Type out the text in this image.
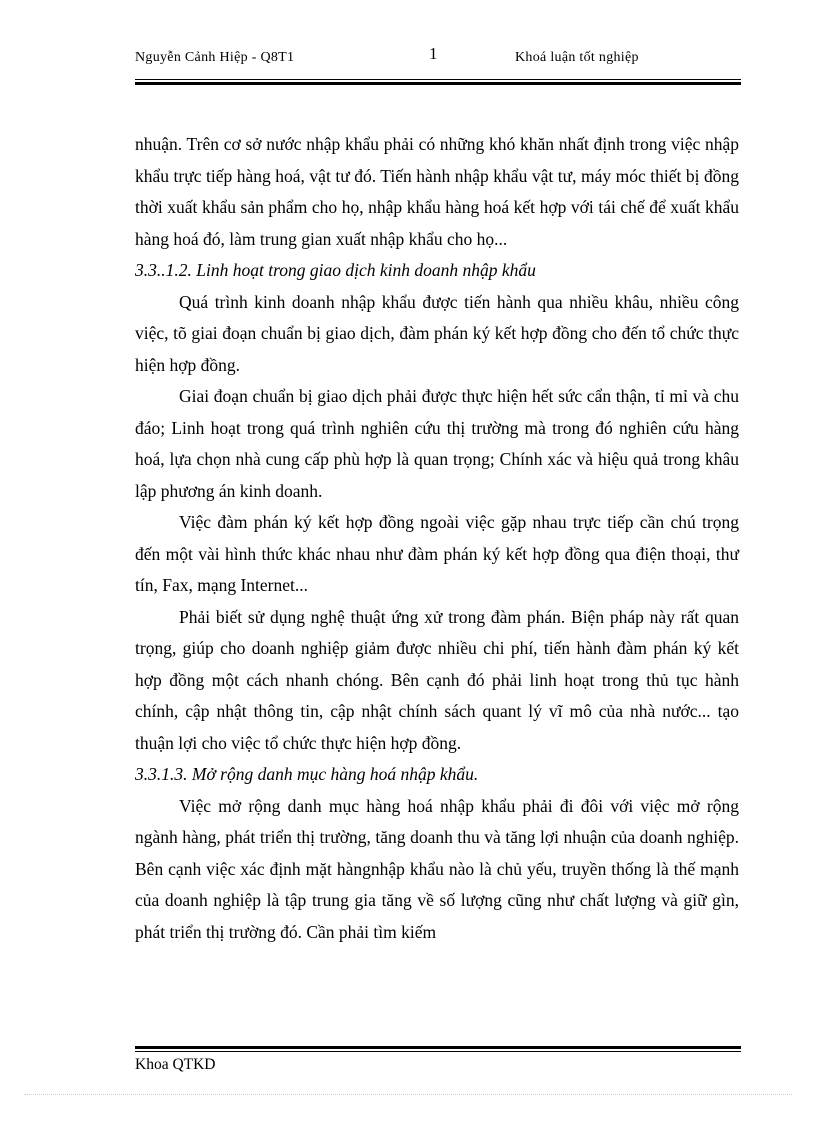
Nguyễn Cảnh Hiệp - Q8T1	1	Khoá luận tốt nghiệp

nhuận. Trên cơ sở nước nhập khẩu phải có những khó khăn nhất định trong việc nhập khẩu trực tiếp hàng hoá, vật tư đó. Tiến hành nhập khẩu vật tư, máy móc thiết bị đồng thời xuất khẩu sản phẩm cho họ, nhập khẩu hàng hoá kết hợp với tái chế để xuất khẩu hàng hoá đó, làm trung gian xuất nhập khẩu cho họ...

3.3..1.2. Linh hoạt trong giao dịch kinh doanh nhập khẩu

Quá trình kinh doanh nhập khẩu được tiến hành qua nhiều khâu, nhiều công việc, tõ giai đoạn chuẩn bị giao dịch, đàm phán ký kết hợp đồng cho đến tổ chức thực hiện hợp đồng.

Giai đoạn chuẩn bị giao dịch phải được thực hiện hết sức cẩn thận, tỉ mỉ và chu đáo; Linh hoạt trong quá trình nghiên cứu thị trường mà trong đó nghiên cứu hàng hoá, lựa chọn nhà cung cấp phù hợp là quan trọng; Chính xác và hiệu quả trong khâu lập phương án kinh doanh.

Việc đàm phán ký kết hợp đồng ngoài việc gặp nhau trực tiếp cần chú trọng đến một vài hình thức khác nhau như đàm phán ký kết hợp đồng qua điện thoại, thư tín, Fax, mạng Internet...

Phải biết sử dụng nghệ thuật ứng xử trong đàm phán. Biện pháp này rất quan trọng, giúp cho doanh nghiệp giảm được nhiều chi phí, tiến hành đàm phán ký kết hợp đồng một cách nhanh chóng. Bên cạnh đó phải linh hoạt trong thủ tục hành chính, cập nhật thông tin, cập nhật chính sách quant lý vĩ mô của nhà nước... tạo thuận lợi cho việc tổ chức thực hiện hợp đồng.

3.3.1.3. Mở rộng danh mục hàng hoá nhập khẩu.

Việc mở rộng danh mục hàng hoá nhập khẩu phải đi đôi với việc mở rộng ngành hàng, phát triển thị trường, tăng doanh thu và tăng lợi nhuận của doanh nghiệp. Bên cạnh việc xác định mặt hàngnhập khẩu nào là chủ yếu, truyền thống là thế mạnh của doanh nghiệp là tập trung gia tăng về số lượng cũng như chất lượng và giữ gìn, phát triển thị trường đó. Cần phải tìm kiếm

Khoa QTKD
